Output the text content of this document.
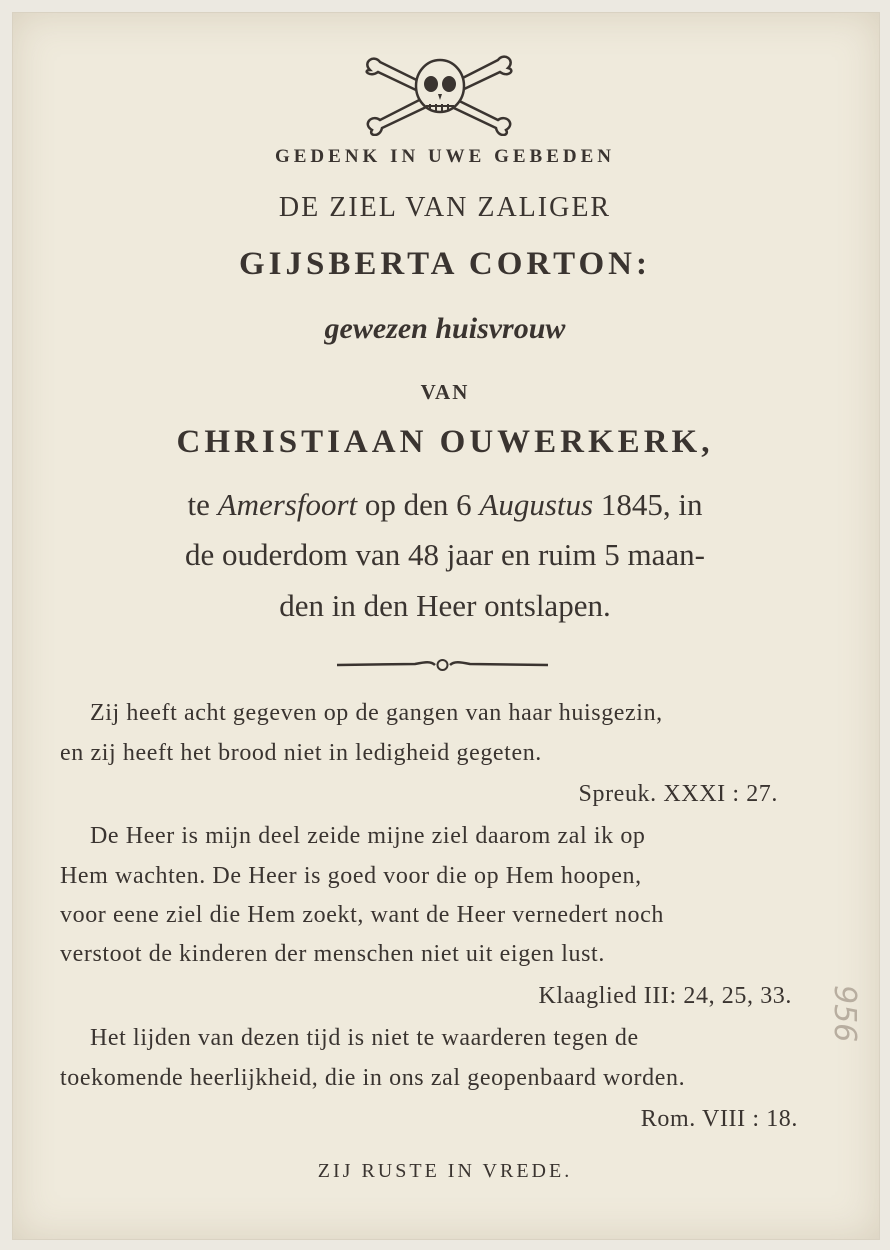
GEDENK IN UWE GEBEDEN
DE ZIEL VAN ZALIGER
GIJSBERTA CORTON:
gewezen huisvrouw
VAN
CHRISTIAAN OUWERKERK,
te Amersfoort op den 6 Augustus 1845, in
de ouderdom van 48 jaar en ruim 5 maan-
den in den Heer ontslapen.
Zij heeft acht gegeven op de gangen van haar huisgezin,
en zij heeft het brood niet in ledigheid gegeten.
Spreuk. XXXI : 27.
De Heer is mijn deel zeide mijne ziel daarom zal ik op
Hem wachten. De Heer is goed voor die op Hem hoopen,
voor eene ziel die Hem zoekt, want de Heer vernedert noch
verstoot de kinderen der menschen niet uit eigen lust.
Klaaglied III: 24, 25, 33.
Het lijden van dezen tijd is niet te waarderen tegen de
toekomende heerlijkheid, die in ons zal geopenbaard worden.
Rom. VIII : 18.
ZIJ RUSTE IN VREDE.
956
